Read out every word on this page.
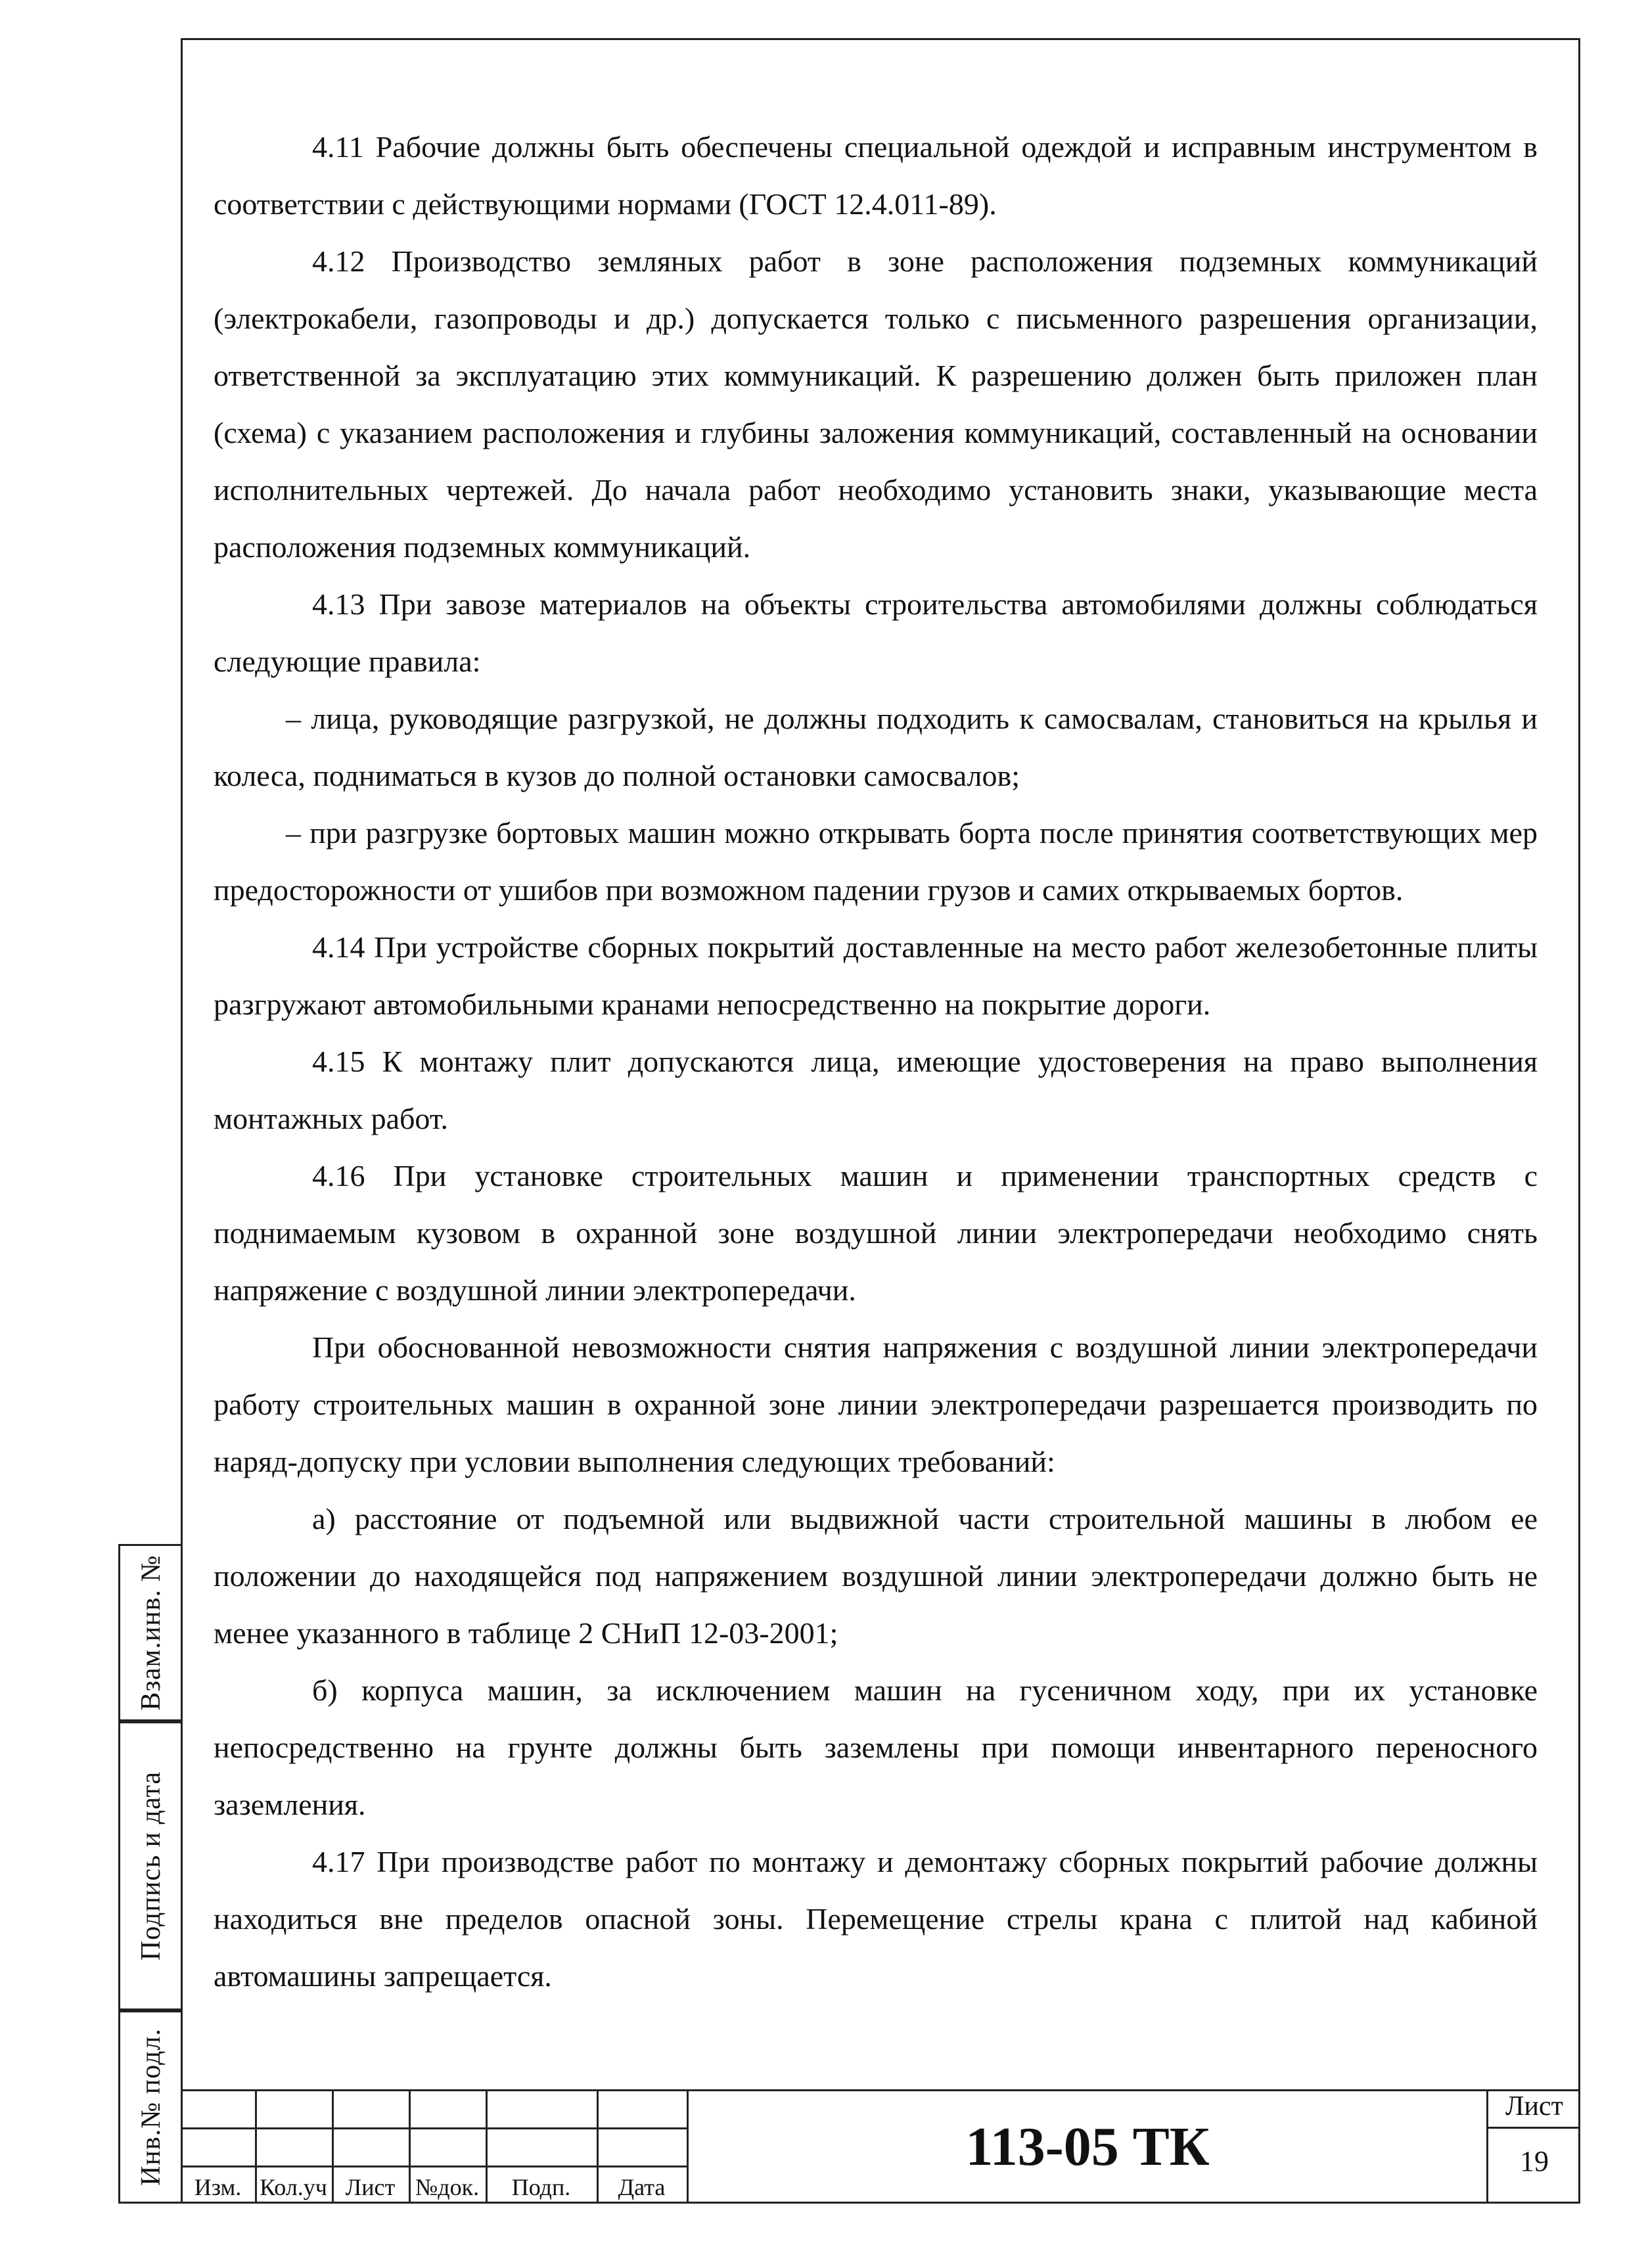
Взам.инв. №
Подпись и дата
Инв.№ подл.

4.11 Рабочие должны быть обеспечены специальной одеждой и исправным инструментом в соответствии с действующими нормами (ГОСТ 12.4.011-89).

4.12 Производство земляных работ в зоне расположения подземных коммуникаций (электрокабели, газопроводы и др.) допускается только с письменного разрешения организации, ответственной за эксплуатацию этих коммуникаций. К разрешению должен быть приложен план (схема) с указанием расположения и глубины заложения коммуникаций, составленный на основании исполнительных чертежей. До начала работ необходимо установить знаки, указывающие места расположения подземных коммуникаций.

4.13 При завозе материалов на объекты строительства автомобилями должны соблюдаться следующие правила:

– лица, руководящие разгрузкой, не должны подходить к самосвалам, становиться на крылья и колеса, подниматься в кузов до полной остановки самосвалов;

– при разгрузке бортовых машин можно открывать борта после принятия соответствующих мер предосторожности от ушибов при возможном падении грузов и самих открываемых бортов.

4.14 При устройстве сборных покрытий доставленные на место работ железобетонные плиты разгружают автомобильными кранами непосредственно на покрытие дороги.

4.15 К монтажу плит допускаются лица, имеющие удостоверения на право выполнения монтажных работ.

4.16 При установке строительных машин и применении транспортных средств с поднимаемым кузовом в охранной зоне воздушной линии электропередачи необходимо снять напряжение с воздушной линии электропередачи.

При обоснованной невозможности снятия напряжения с воздушной линии электропередачи работу строительных машин в охранной зоне линии электропередачи разрешается производить по наряд-допуску при условии выполнения следующих требований:

а) расстояние от подъемной или выдвижной части строительной машины в любом ее положении до находящейся под напряжением воздушной линии электропередачи должно быть не менее указанного в таблице 2 СНиП 12-03-2001;

б) корпуса машин, за исключением машин на гусеничном ходу, при их установке непосредственно на грунте должны быть заземлены при помощи инвентарного переносного заземления.

4.17 При производстве работ по монтажу и демонтажу сборных покрытий рабочие должны находиться вне пределов опасной зоны. Перемещение стрелы крана с плитой над кабиной автомашины запрещается.

Изм. Кол.уч Лист №док.	Подп.	Дата
113-05 ТК
Лист
19
